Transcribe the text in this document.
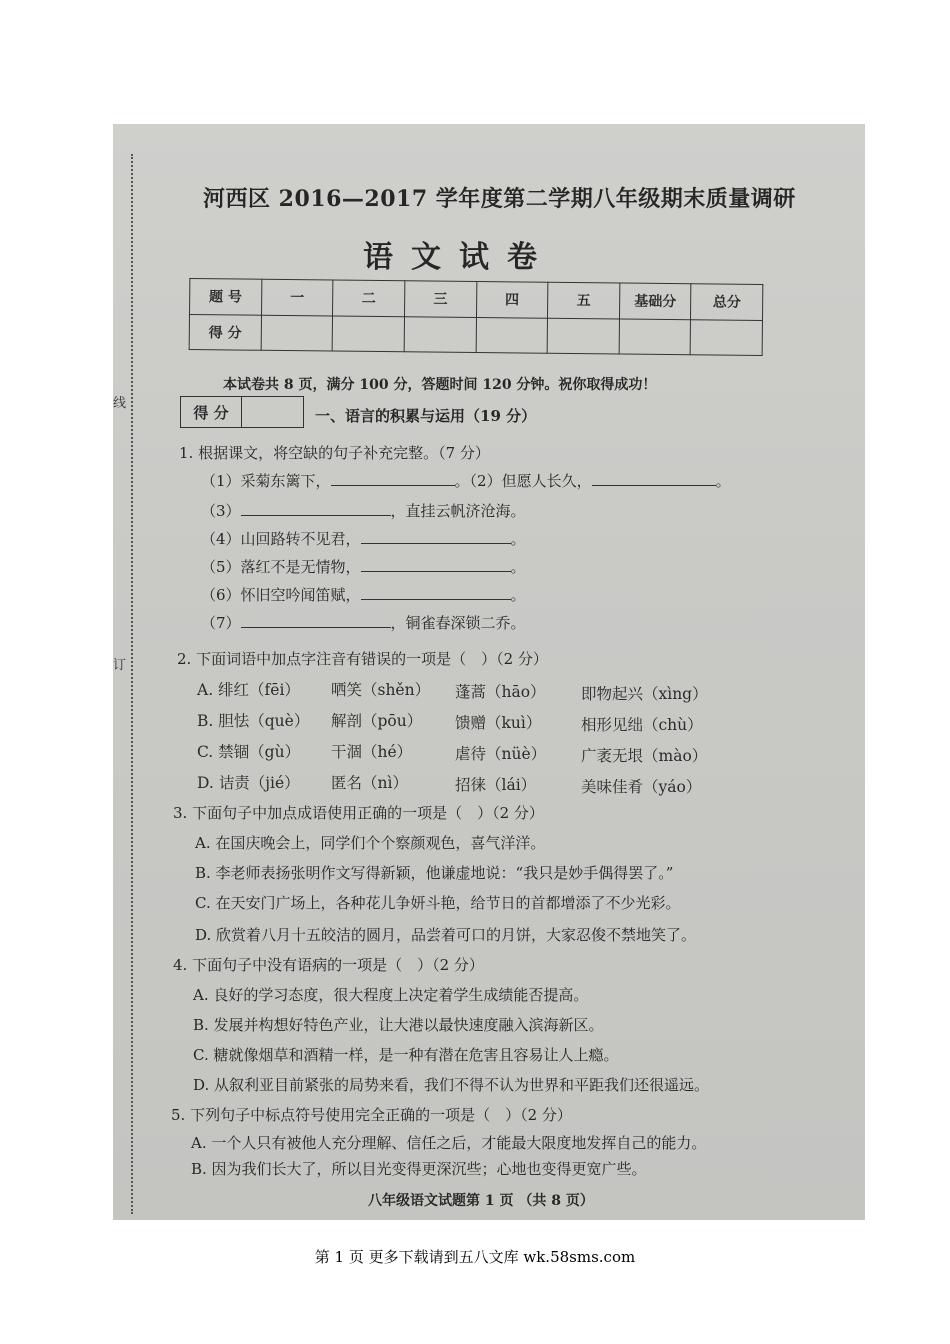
线
订
河西区 2016—2017 学年度第二学期八年级期末质量调研
语文试卷
题 号	一	二	三	四	五	基础分	总分
得 分							
本试卷共 8 页，满分 100 分，答题时间 120 分钟。祝你取得成功！
得 分	一、语言的积累与运用（19 分）
1. 根据课文，将空缺的句子补充完整。（7 分）
（1）采菊东篱下，	。（2）但愿人长久，	。
（3）	，直挂云帆济沧海。
（4）山回路转不见君，	。
（5）落红不是无情物，	。
（6）怀旧空吟闻笛赋，	。
（7）	，铜雀春深锁二乔。
2. 下面词语中加点字注音有错误的一项是（　）（2 分）
A. 绯红（fēi） 哂笑（shěn） 蓬蒿（hāo） 即物起兴（xìng）
B. 胆怯（què） 解剖（pōu） 馈赠（kuì）	相形见绌（chù）
C. 禁锢（gù） 干涸（hé）	虐待（nüè） 广袤无垠（mào）
D. 诘责（jié） 匿名（nì）	招徕（lái）	美味佳肴（yáo）
3. 下面句子中加点成语使用正确的一项是（　）（2 分）
A. 在国庆晚会上，同学们个个察颜观色，喜气洋洋。
B. 李老师表扬张明作文写得新颖，他谦虚地说：“我只是妙手偶得罢了。”
C. 在天安门广场上，各种花儿争妍斗艳，给节日的首都增添了不少光彩。
D. 欣赏着八月十五皎洁的圆月，品尝着可口的月饼，大家忍俊不禁地笑了。
4. 下面句子中没有语病的一项是（　）（2 分）
A. 良好的学习态度，很大程度上决定着学生成绩能否提高。
B. 发展并构想好特色产业，让大港以最快速度融入滨海新区。
C. 糖就像烟草和酒精一样，是一种有潜在危害且容易让人上瘾。
D. 从叙利亚目前紧张的局势来看，我们不得不认为世界和平距我们还很遥远。
5. 下列句子中标点符号使用完全正确的一项是（　）（2 分）
A. 一个人只有被他人充分理解、信任之后，才能最大限度地发挥自己的能力。
B. 因为我们长大了，所以目光变得更深沉些；心地也变得更宽广些。
八年级语文试题第 1 页 （共 8 页）
第 1 页 更多下载请到五八文库 wk.58sms.com
